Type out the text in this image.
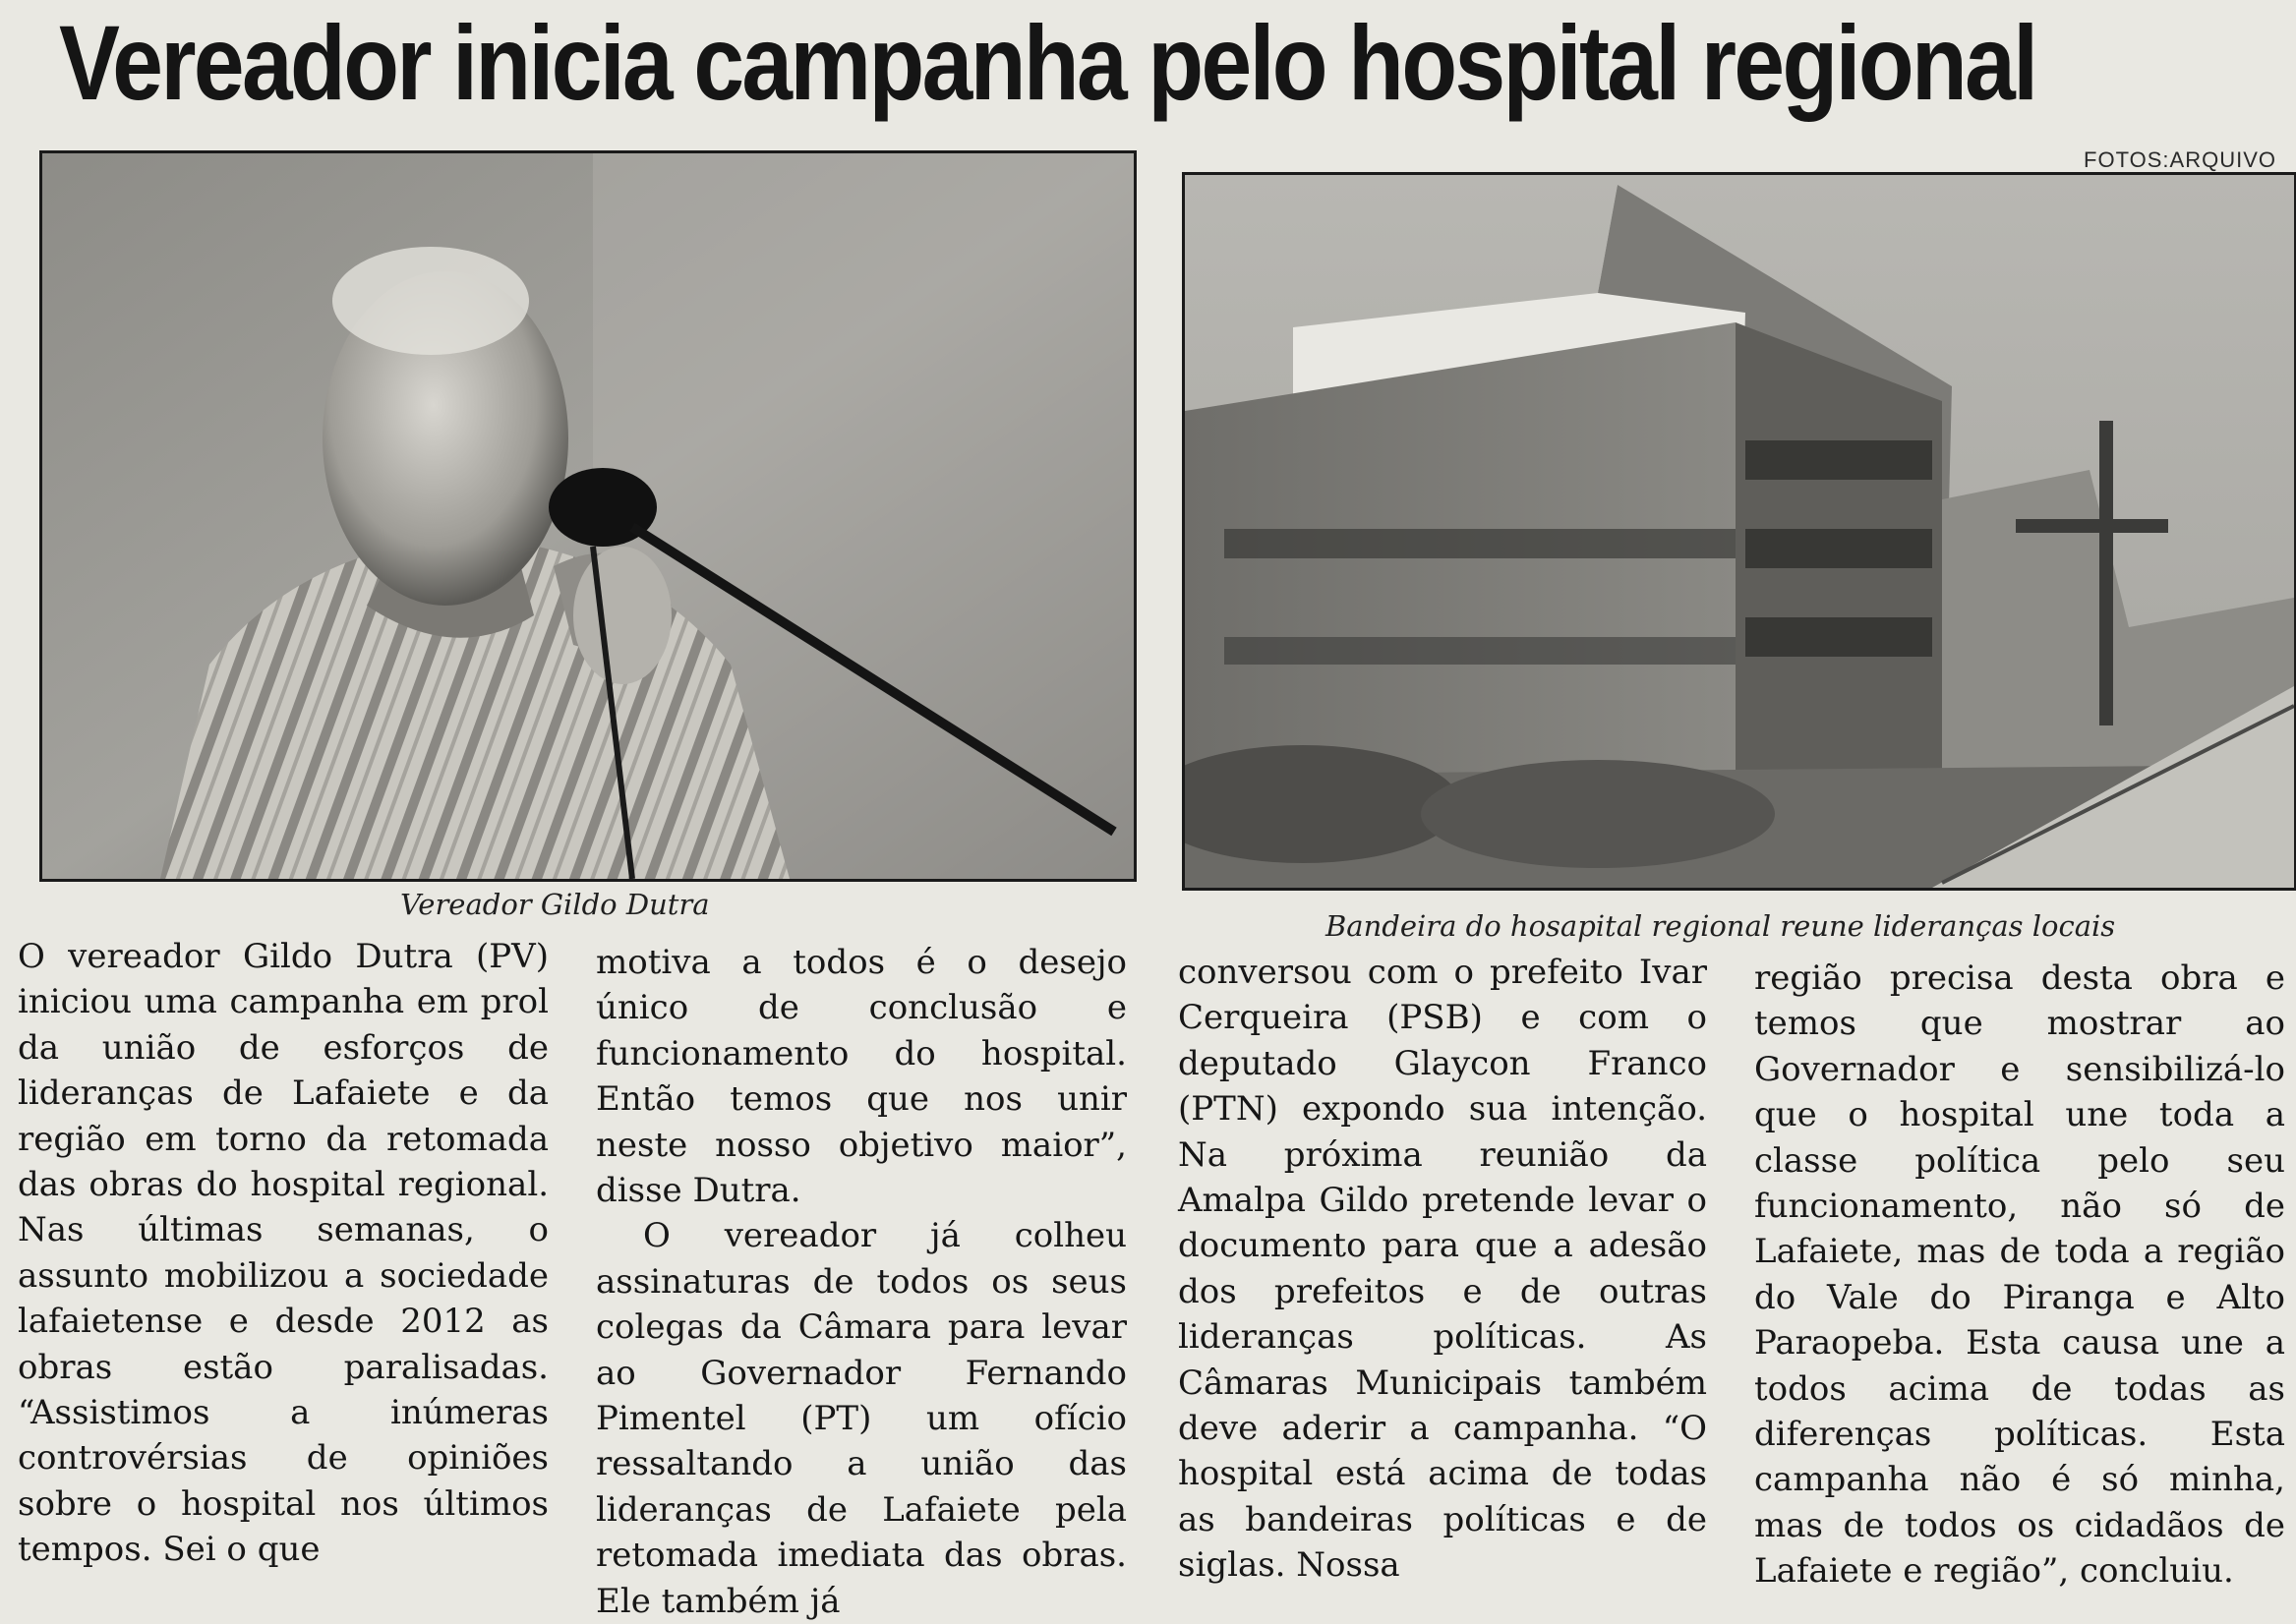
Vereador inicia campanha pelo hospital regional
FOTOS:ARQUIVO
Vereador Gildo Dutra
Bandeira do hosapital regional reune lideranças locais

O vereador Gildo Dutra (PV) iniciou uma campanha em prol da união de esforços de lideranças de Lafaiete e da região em torno da retomada das obras do hospital regional. Nas últimas semanas, o assunto mobilizou a sociedade lafaietense e desde 2012 as obras estão paralisadas. “Assistimos a inúmeras controvérsias de opiniões sobre o hospital nos últimos tempos. Sei o que

motiva a todos é o desejo único de conclusão e funcionamento do hospital. Então temos que nos unir neste nosso objetivo maior”, disse Dutra.

O vereador já colheu assinaturas de todos os seus colegas da Câmara para levar ao Governador Fernando Pimentel (PT) um ofício ressaltando a união das lideranças de Lafaiete pela retomada imediata das obras. Ele também já

conversou com o prefeito Ivar Cerqueira (PSB) e com o deputado Glaycon Franco (PTN) expondo sua intenção. Na próxima reunião da Amalpa Gildo pretende levar o documento para que a adesão dos prefeitos e de outras lideranças políticas. As Câmaras Municipais também deve aderir a campanha. “O hospital está acima de todas as bandeiras políticas e de siglas. Nossa

região precisa desta obra e temos que mostrar ao Governador e sensibilizá-lo que o hospital une toda a classe política pelo seu funcionamento, não só de Lafaiete, mas de toda a região do Vale do Piranga e Alto Paraopeba. Esta causa une a todos acima de todas as diferenças políticas. Esta campanha não é só minha, mas de todos os cidadãos de Lafaiete e região”, concluiu.
